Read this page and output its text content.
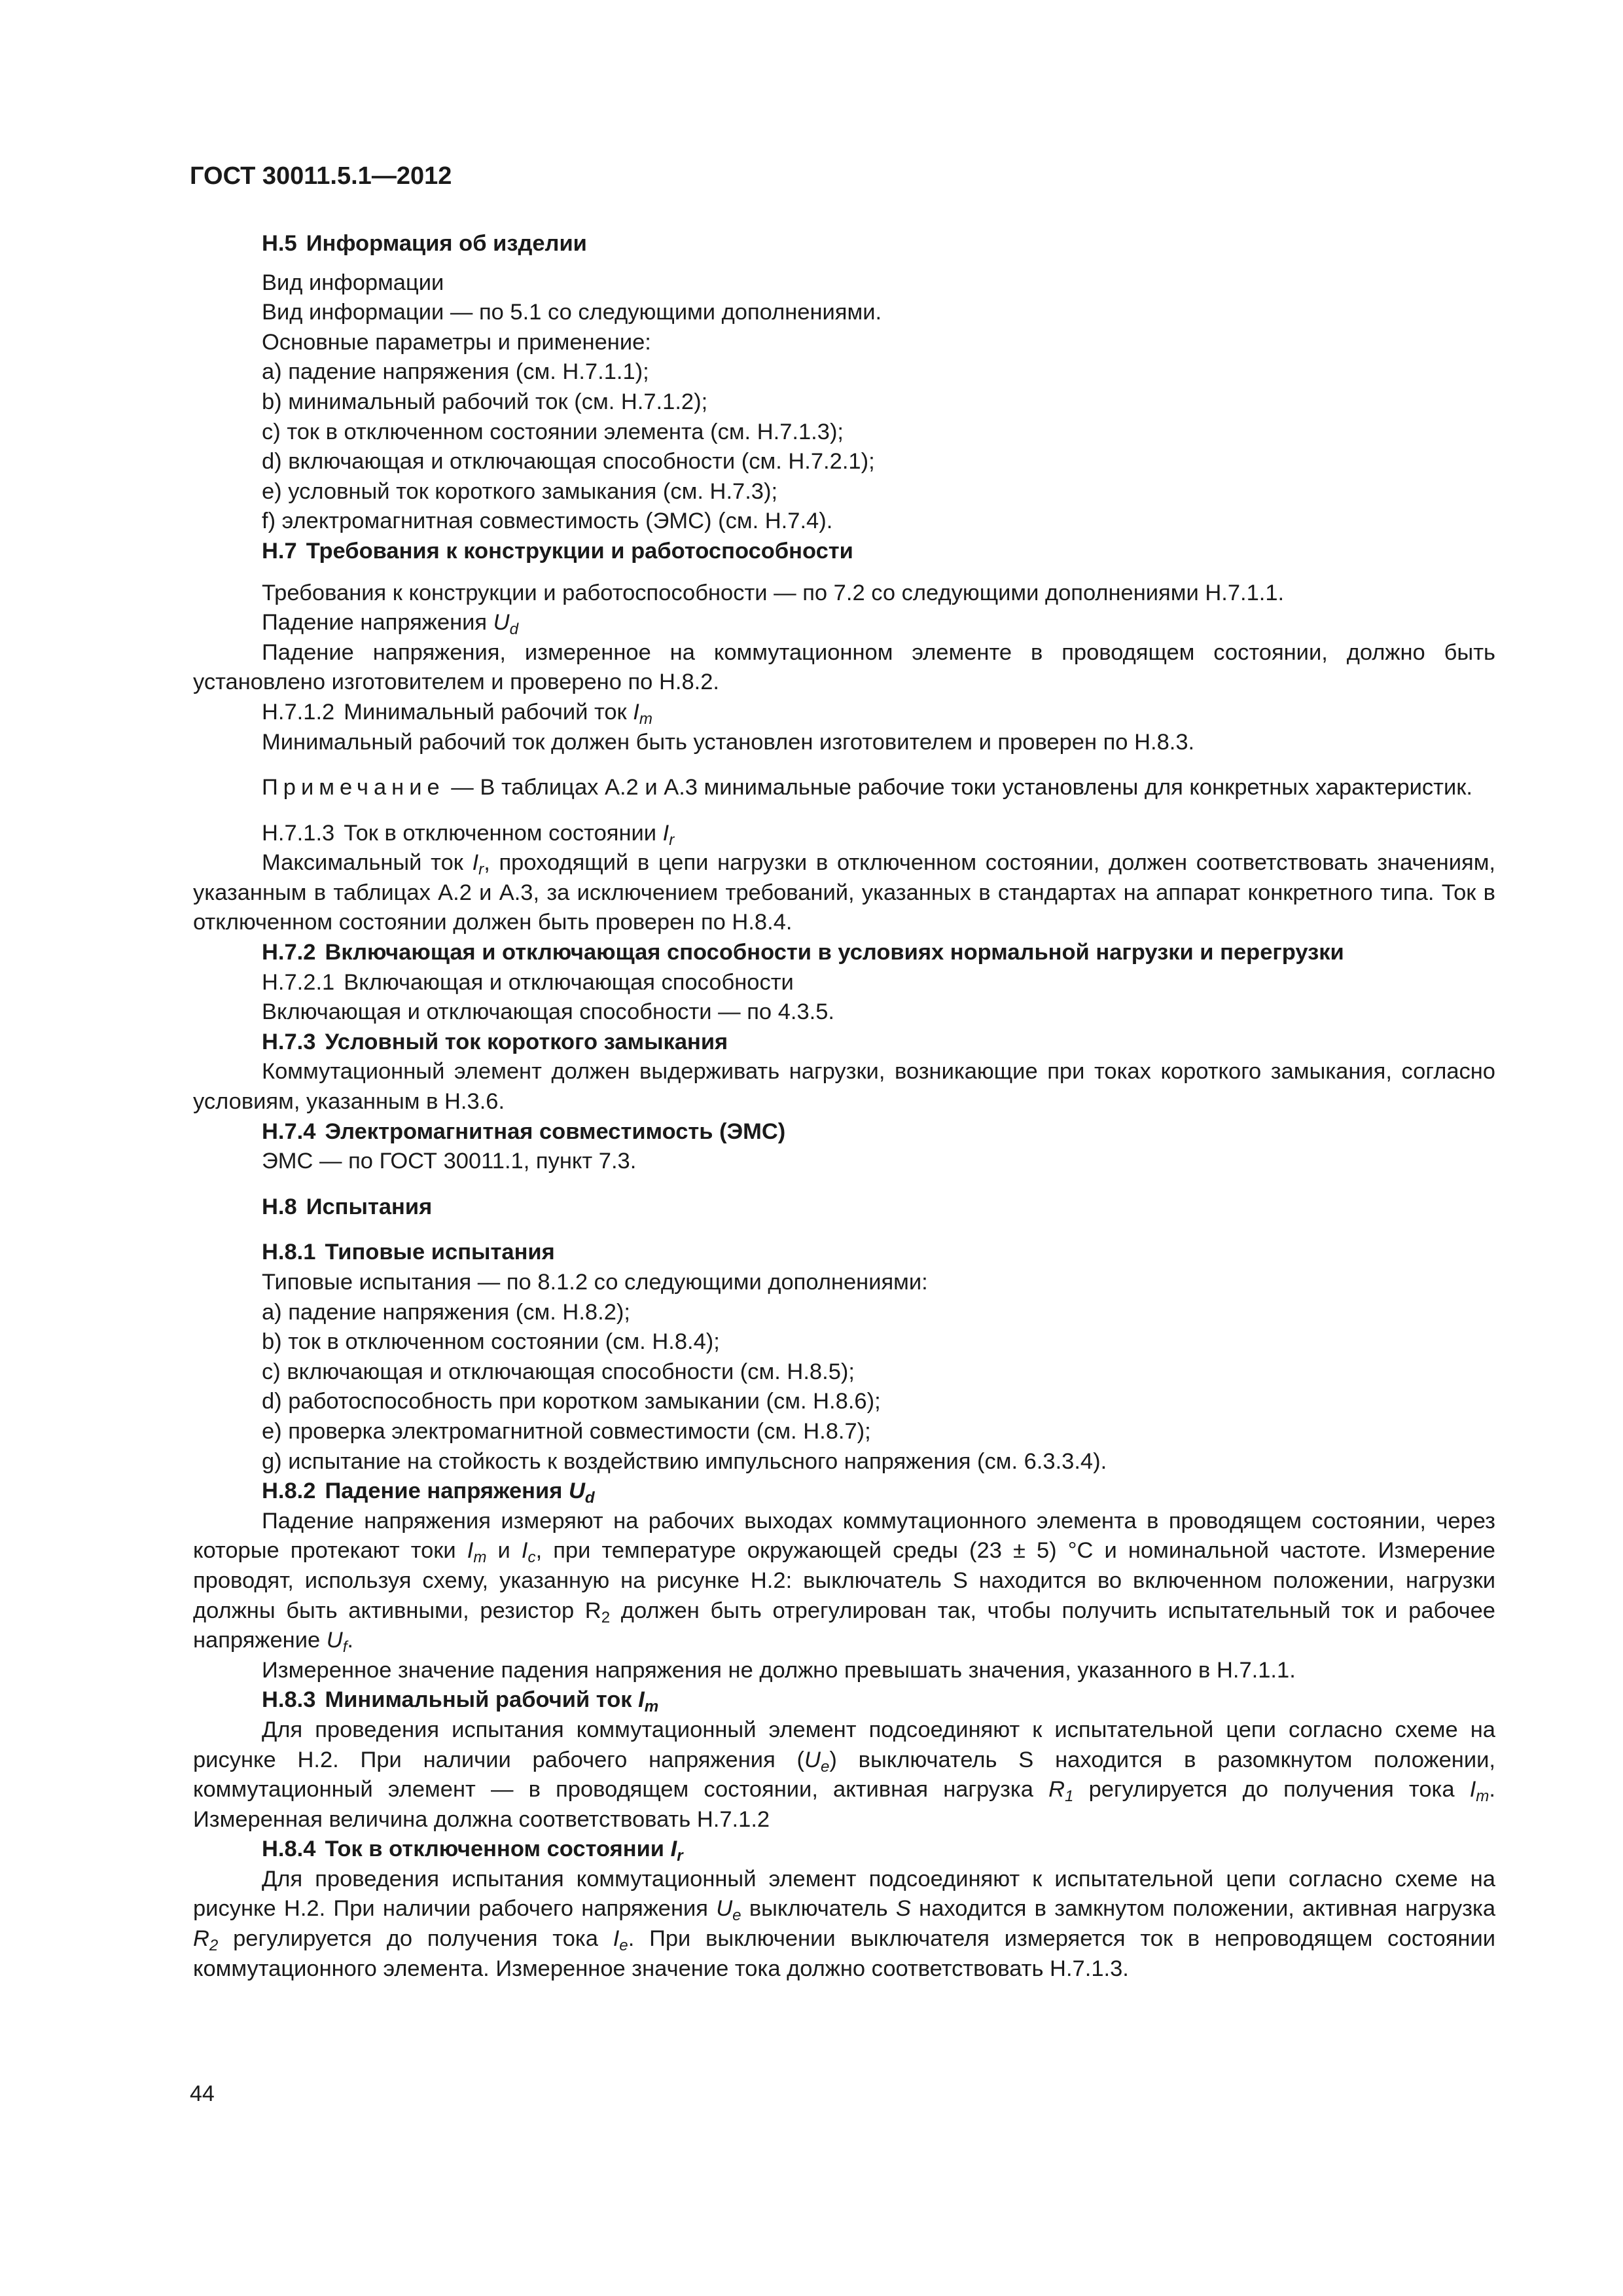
ГОСТ 30011.5.1—2012
H.5 Информация об изделии

Вид информации

Вид информации — по 5.1 со следующими дополнениями.

Основные параметры и применение:

а) падение напряжения (см. H.7.1.1);

b) минимальный рабочий ток (см. H.7.1.2);

c) ток в отключенном состоянии элемента (см. H.7.1.3);

d) включающая и отключающая способности (см. H.7.2.1);

e) условный ток короткого замыкания (см. H.7.3);

f) электромагнитная совместимость (ЭМС) (см. H.7.4).

H.7 Требования к конструкции и работоспособности

Требования к конструкции и работоспособности — по 7.2 со следующими дополнениями H.7.1.1.

Падение напряжения $U_d$

Падение напряжения, измеренное на коммутационном элементе в проводящем состоянии, должно быть установлено изготовителем и проверено по H.8.2.

H.7.1.2 Минимальный рабочий ток $I_m$

Минимальный рабочий ток должен быть установлен изготовителем и проверен по H.8.3.

Примечание — В таблицах А.2 и А.3 минимальные рабочие токи установлены для конкретных характеристик.

H.7.1.3 Ток в отключенном состоянии $I_r$

Максимальный ток $I_r$, проходящий в цепи нагрузки в отключенном состоянии, должен соответствовать значениям, указанным в таблицах А.2 и А.3, за исключением требований, указанных в стандартах на аппарат конкретного типа. Ток в отключенном состоянии должен быть проверен по H.8.4.

H.7.2 Включающая и отключающая способности в условиях нормальной нагрузки и перегрузки

H.7.2.1 Включающая и отключающая способности

Включающая и отключающая способности — по 4.3.5.

H.7.3 Условный ток короткого замыкания

Коммутационный элемент должен выдерживать нагрузки, возникающие при токах короткого замыкания, согласно условиям, указанным в H.3.6.

H.7.4 Электромагнитная совместимость (ЭМС)

ЭМС — по ГОСТ 30011.1, пункт 7.3.

H.8 Испытания
H.8.1 Типовые испытания

Типовые испытания — по 8.1.2 со следующими дополнениями:

а) падение напряжения (см. H.8.2);

b) ток в отключенном состоянии (см. H.8.4);

c) включающая и отключающая способности (см. H.8.5);

d) работоспособность при коротком замыкании (см. H.8.6);

e) проверка электромагнитной совместимости (см. H.8.7);

g) испытание на стойкость к воздействию импульсного напряжения (см. 6.3.3.4).

H.8.2 Падение напряжения $U_d$

Падение напряжения измеряют на рабочих выходах коммутационного элемента в проводящем состоянии, через которые протекают токи $I_m$ и $I_c$, при температуре окружающей среды (23 ± 5) °С и номинальной частоте. Измерение проводят, используя схему, указанную на рисунке H.2: выключатель S находится во включенном положении, нагрузки должны быть активными, резистор $R_2$ должен быть отрегулирован так, чтобы получить испытательный ток и рабочее напряжение $U_f$.

Измеренное значение падения напряжения не должно превышать значения, указанного в H.7.1.1.

H.8.3 Минимальный рабочий ток $I_m$

Для проведения испытания коммутационный элемент подсоединяют к испытательной цепи согласно схеме на рисунке H.2. При наличии рабочего напряжения $(U_e)$ выключатель S находится в разомкнутом положении, коммутационный элемент — в проводящем состоянии, активная нагрузка $R_1$ регулируется до получения тока $I_m$. Измеренная величина должна соответствовать H.7.1.2

H.8.4 Ток в отключенном состоянии $I_r$

Для проведения испытания коммутационный элемент подсоединяют к испытательной цепи согласно схеме на рисунке H.2. При наличии рабочего напряжения $U_e$ выключатель S находится в замкнутом положении, активная нагрузка $R_2$ регулируется до получения тока $I_e$. При выключении выключателя измеряется ток в непроводящем состоянии коммутационного элемента. Измеренное значение тока должно соответствовать H.7.1.3.

44
